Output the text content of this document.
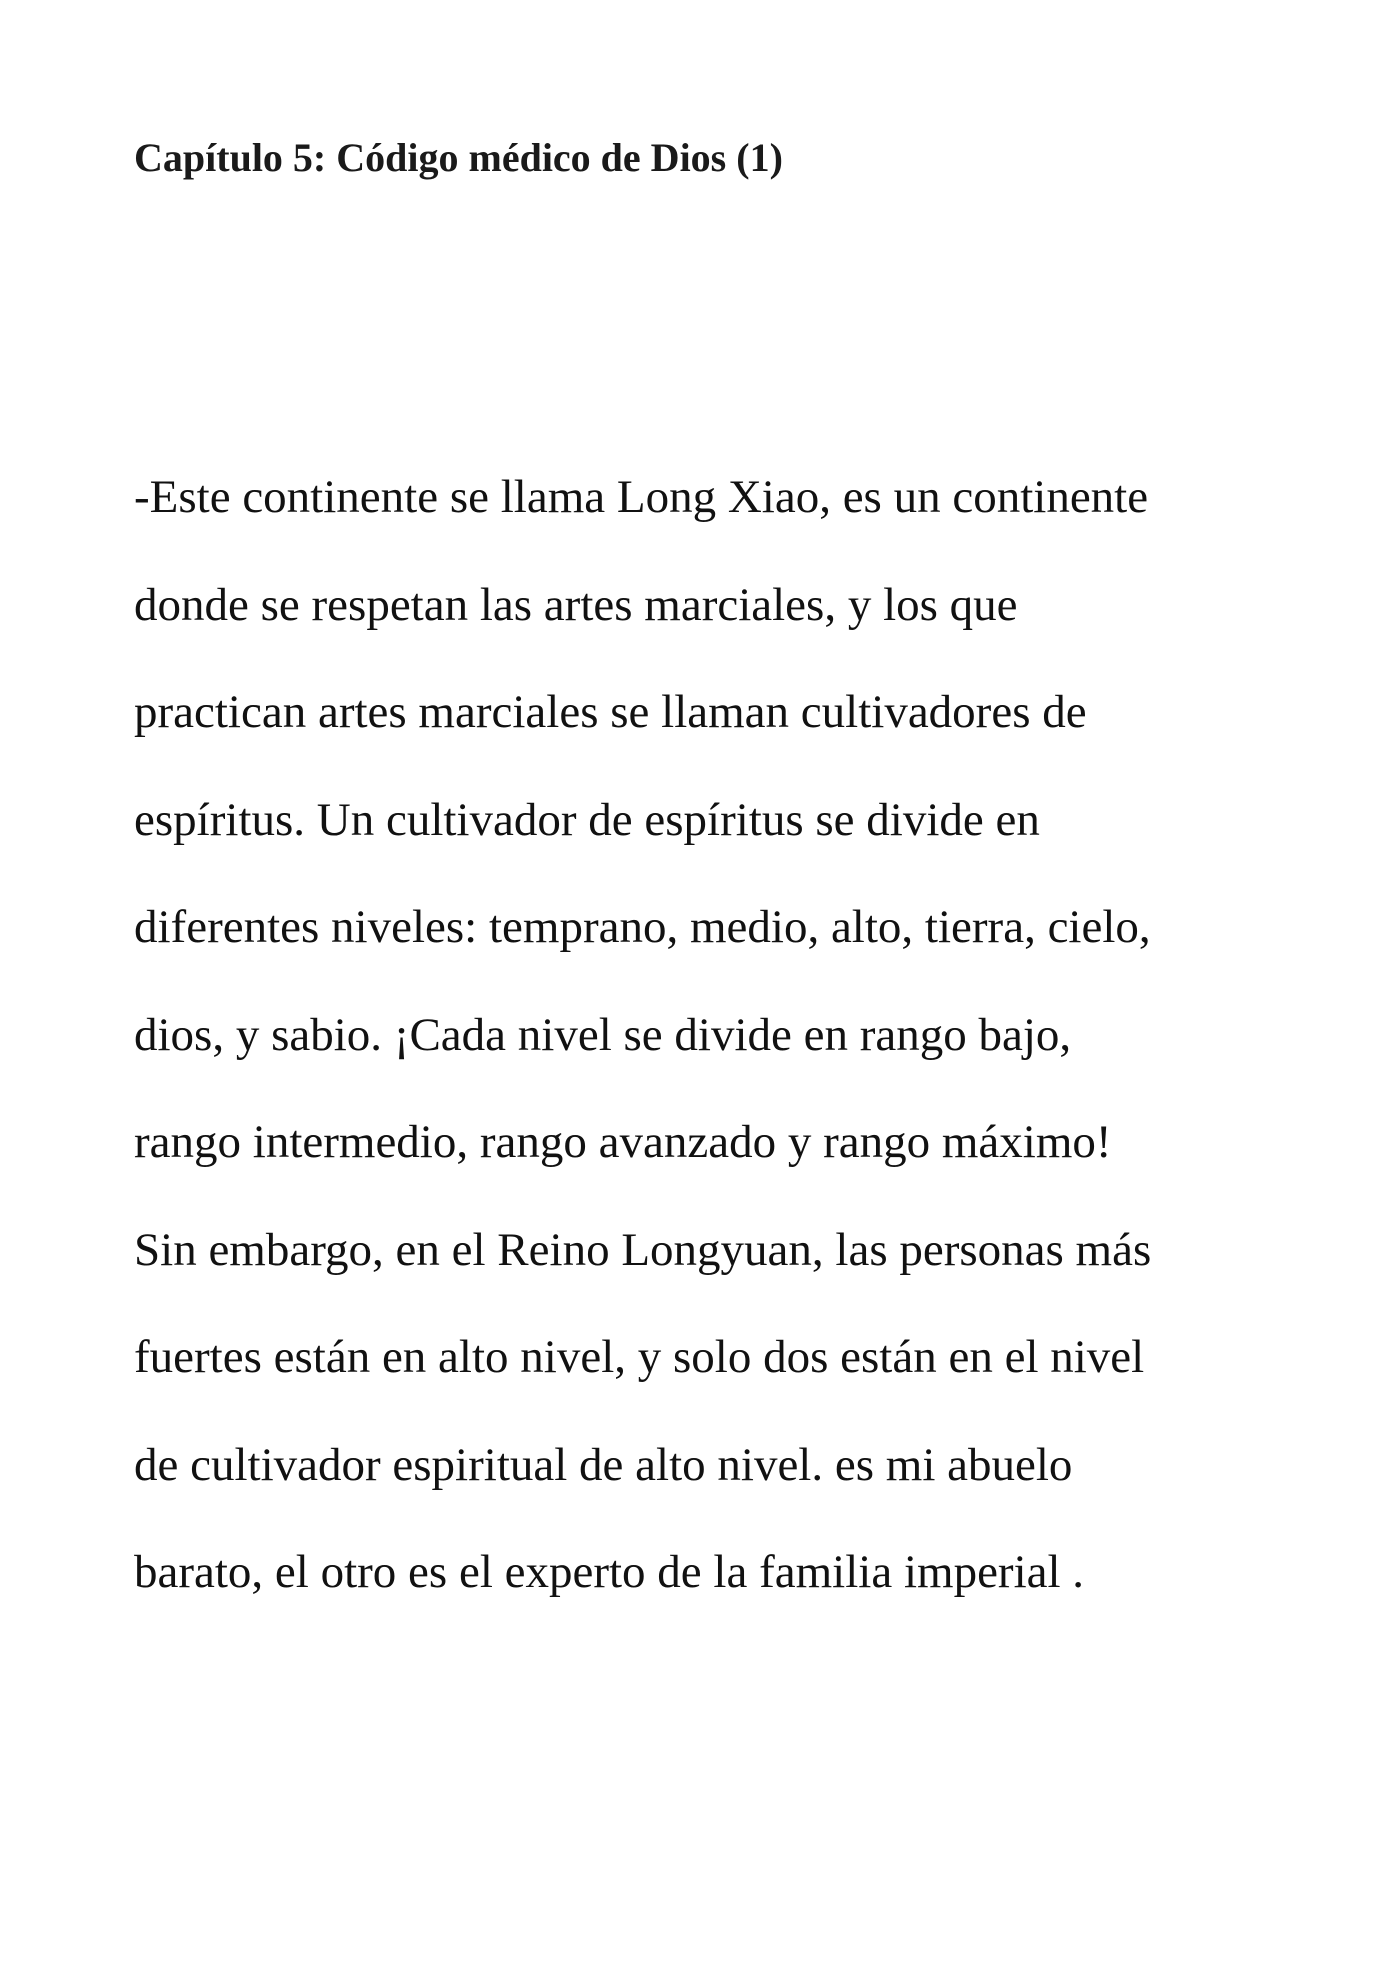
Capítulo 5: Código médico de Dios (1)
-Este continente se llama Long Xiao, es un continente
donde se respetan las artes marciales, y los que
practican artes marciales se llaman cultivadores de
espíritus. Un cultivador de espíritus se divide en
diferentes niveles: temprano, medio, alto, tierra, cielo,
dios, y sabio. ¡Cada nivel se divide en rango bajo,
rango intermedio, rango avanzado y rango máximo!
Sin embargo, en el Reino Longyuan, las personas más
fuertes están en alto nivel, y solo dos están en el nivel
de cultivador espiritual de alto nivel. es mi abuelo
barato, el otro es el experto de la familia imperial .
